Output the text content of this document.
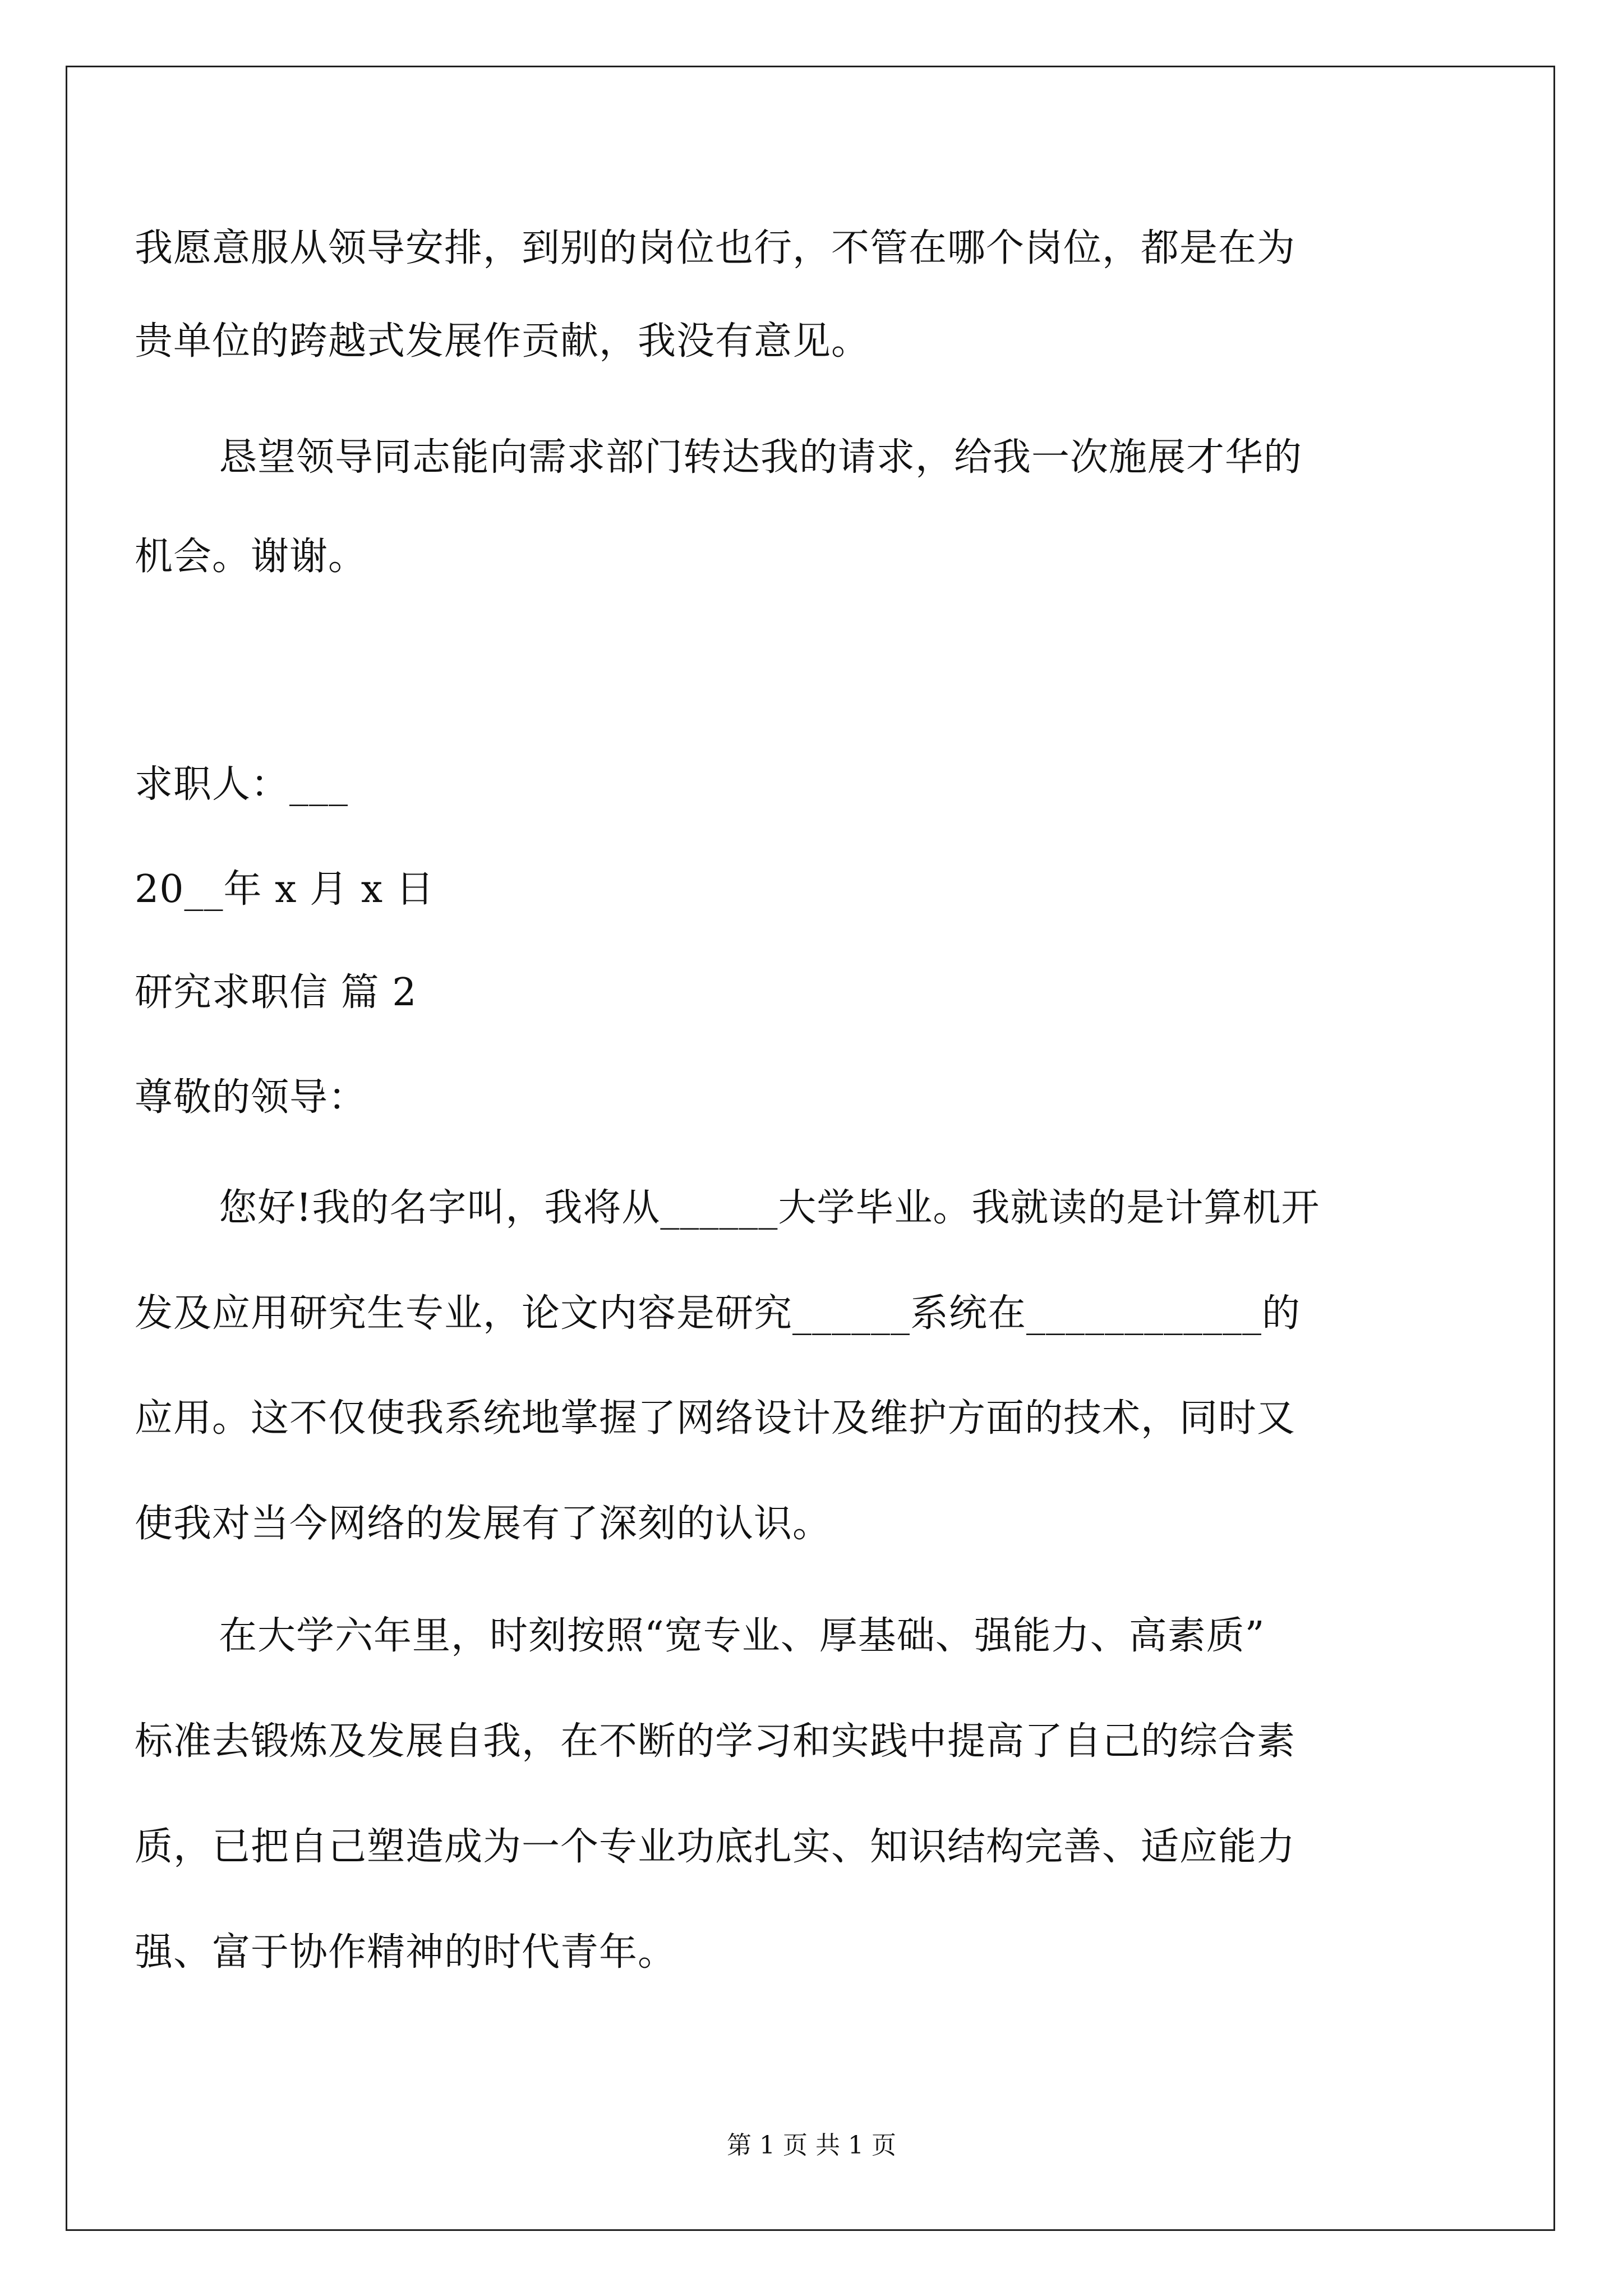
我愿意服从领导安排，到别的岗位也行，不管在哪个岗位，都是在为
贵单位的跨越式发展作贡献，我没有意见。
恳望领导同志能向需求部门转达我的请求，给我一次施展才华的
机会。谢谢。
求职人：___
20__年 x 月 x 日
研究求职信 篇 2
尊敬的领导：
您好!我的名字叫，我将从______大学毕业。我就读的是计算机开
发及应用研究生专业，论文内容是研究______系统在____________的
应用。这不仅使我系统地掌握了网络设计及维护方面的技术，同时又
使我对当今网络的发展有了深刻的认识。
在大学六年里，时刻按照“宽专业、厚基础、强能力、高素质”
标准去锻炼及发展自我，在不断的学习和实践中提高了自己的综合素
质，已把自己塑造成为一个专业功底扎实、知识结构完善、适应能力
强、富于协作精神的时代青年。
第 1 页 共 1 页
